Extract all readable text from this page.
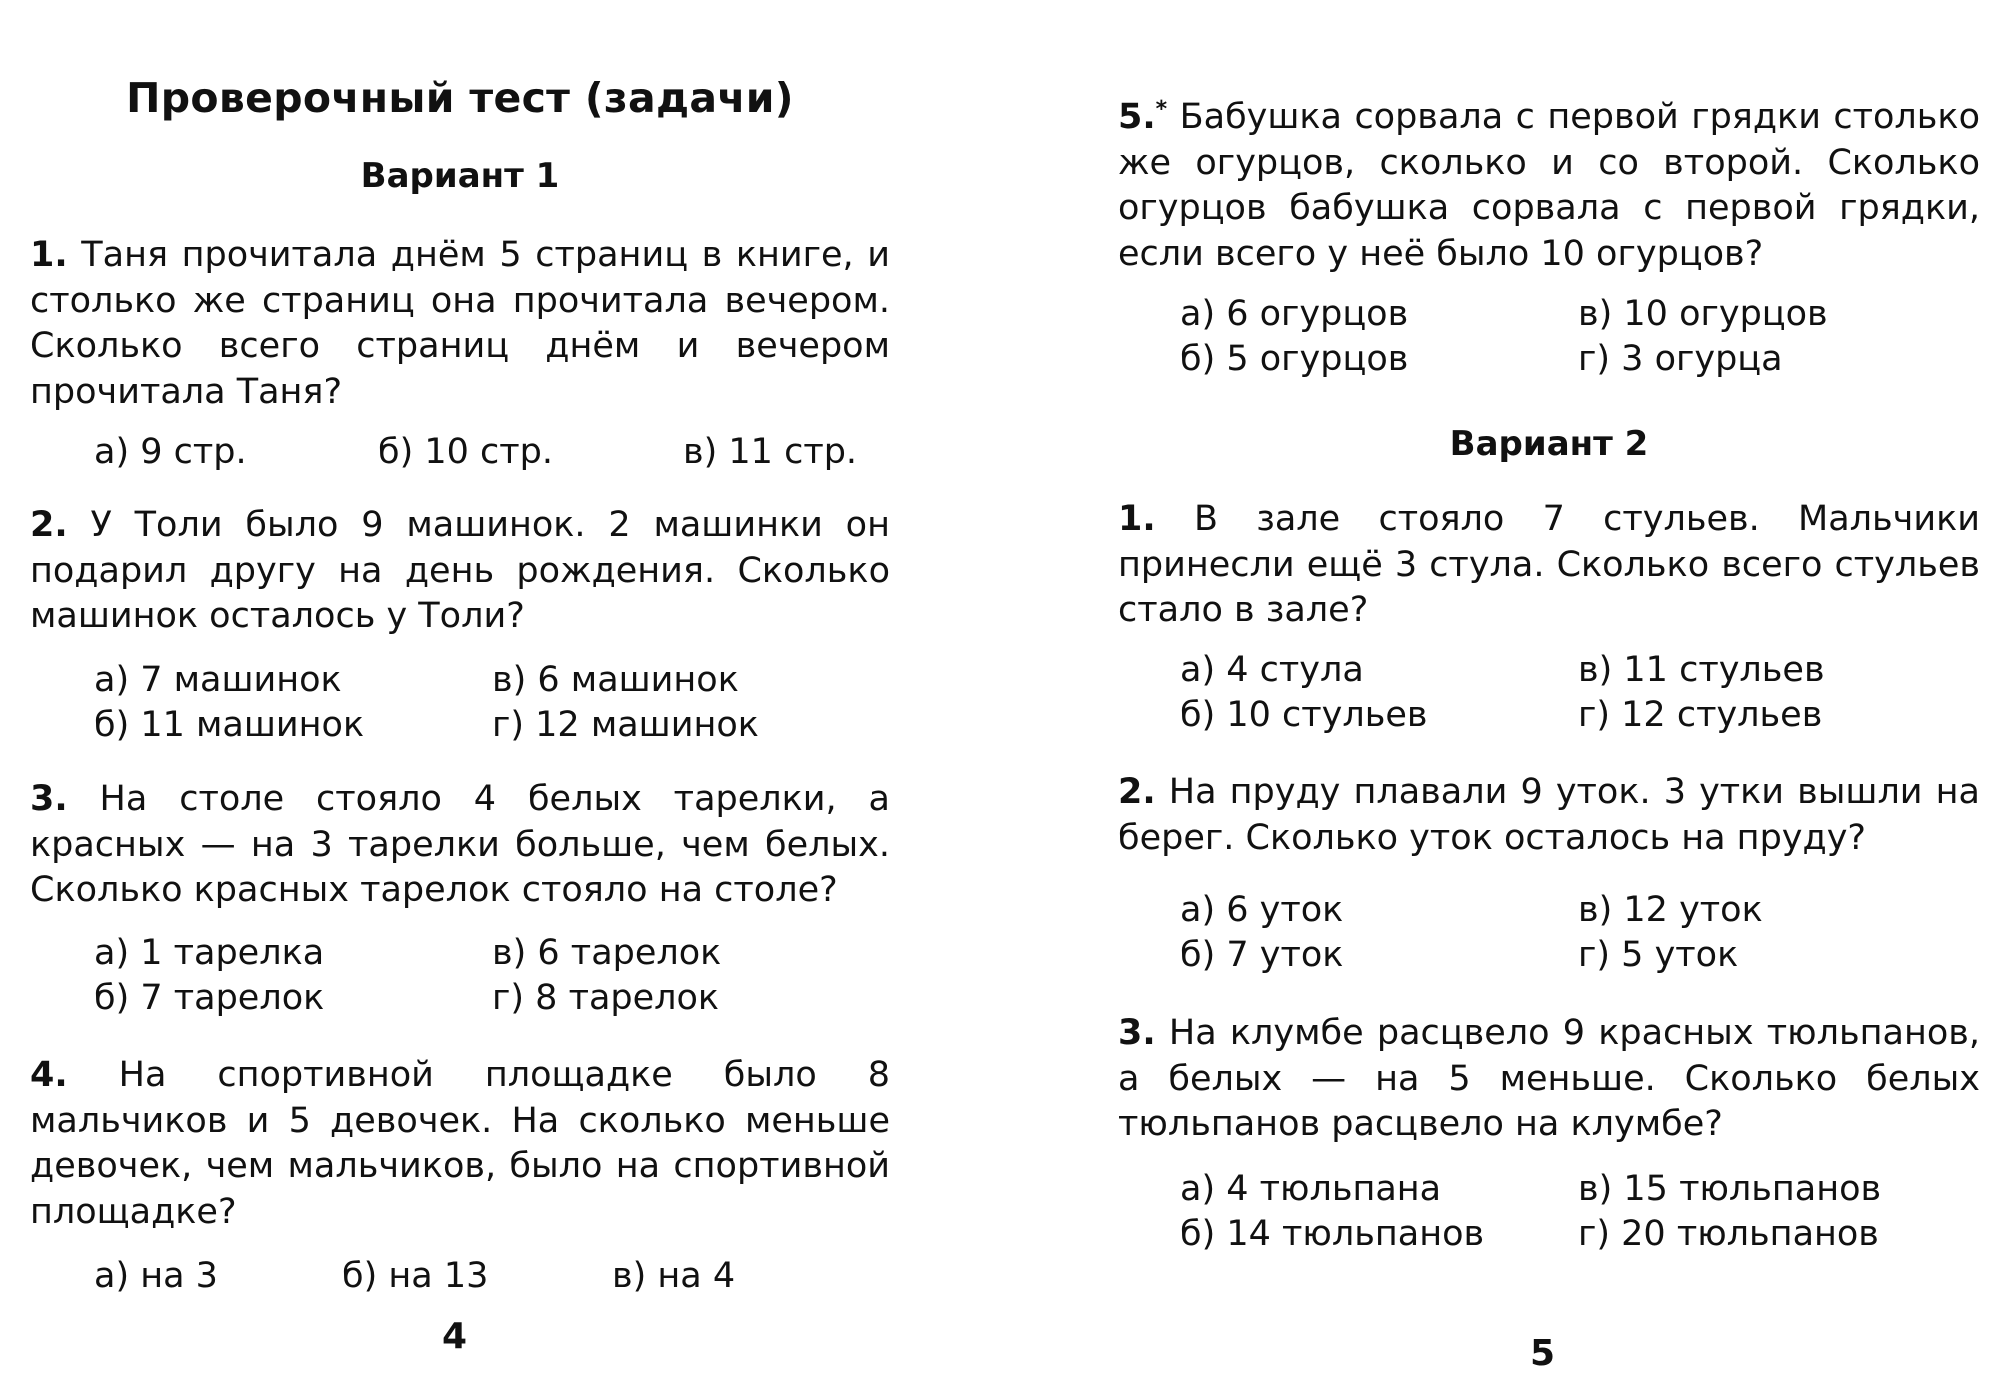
Проверочный тест (задачи)
Вариант 1
1. Таня прочитала днём 5 страниц в книге, и столько же страниц она прочитала вечером. Сколько всего страниц днём и вечером прочитала Таня?
а) 9 стр.	б) 10 стр.	в) 11 стр.
2. У Толи было 9 машинок. 2 машинки он подарил другу на день рождения. Сколько машинок осталось у Толи?
а) 7 машинок
б) 11 машинок
в) 6 машинок
г) 12 машинок
3. На столе стояло 4 белых тарелки, а красных — на 3 тарелки больше, чем белых. Сколько красных тарелок стояло на столе?
а) 1 тарелка
б) 7 тарелок
в) 6 тарелок
г) 8 тарелок
4. На спортивной площадке было 8 мальчиков и 5 девочек. На сколько меньше девочек, чем мальчиков, было на спортивной площадке?
а) на 3	б) на 13	в) на 4
4
5.* Бабушка сорвала с первой грядки столько же огурцов, сколько и со второй. Сколько огурцов бабушка сорвала с первой грядки, если всего у неё было 10 огурцов?
а) 6 огурцов
б) 5 огурцов
в) 10 огурцов
г) 3 огурца
Вариант 2
1. В зале стояло 7 стульев. Мальчики принесли ещё 3 стула. Сколько всего стульев стало в зале?
а) 4 стула
б) 10 стульев
в) 11 стульев
г) 12 стульев
2. На пруду плавали 9 уток. 3 утки вышли на берег. Сколько уток осталось на пруду?
а) 6 уток
б) 7 уток
в) 12 уток
г) 5 уток
3. На клумбе расцвело 9 красных тюльпанов, а белых — на 5 меньше. Сколько белых тюльпанов расцвело на клумбе?
а) 4 тюльпана
б) 14 тюльпанов
в) 15 тюльпанов
г) 20 тюльпанов
5
